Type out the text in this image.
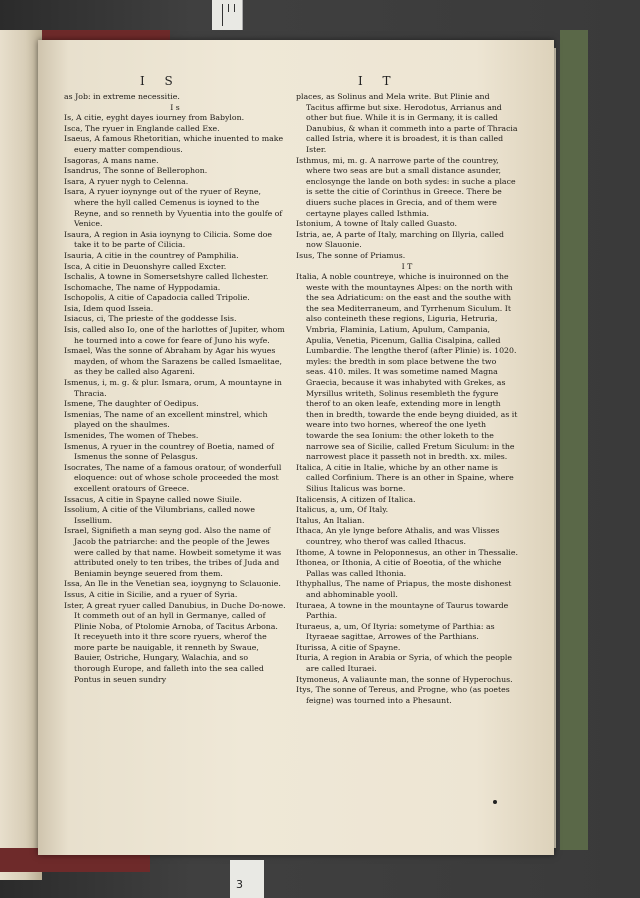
I S	I T

as Job: in extreme necessitie.

I s

Is, A citie, eyght dayes iourney from Babylon.

Isca, The ryuer in Englande called Exe.

Isaeus, A famous Rhetoritian, whiche inuented to make euery matter compendious.

Isagoras, A mans name.

Isandrus, The sonne of Bellerophon.

Isara, A ryuer nygh to Celenna.

Isara, A ryuer ioynynge out of the ryuer of Reyne, where the hyll called Cemenus is ioyned to the Reyne, and so renneth by Vyuentia into the goulfe of Venice.

Isaura, A region in Asia ioynyng to Cilicia. Some doe take it to be parte of Cilicia.

Isauria, A citie in the countrey of Pamphilia.

Isca, A citie in Deuonshyre called Excter.

Ischalis, A towne in Somersetshyre called Ilchester.

Ischomache, The name of Hyppodamia.

Ischopolis, A citie of Capadocia called Tripolie.

Isia, Idem quod Isseia.

Isiacus, ci, The prieste of the goddesse Isis.

Isis, called also Io, one of the harlottes of Jupiter, whom he tourned into a cowe for feare of Juno his wyfe.

Ismael, Was the sonne of Abraham by Agar his wyues mayden, of whom the Sarazens be called Ismaelitae, as they be called also Agareni.

Ismenus, i, m. g. & plur. Ismara, orum, A mountayne in Thracia.

Ismene, The daughter of Oedipus.

Ismenias, The name of an excellent minstrel, which played on the shaulmes.

Ismenides, The women of Thebes.

Ismenus, A ryuer in the countrey of Boetia, named of Ismenus the sonne of Pelasgus.

Isocrates, The name of a famous oratour, of wonderfull eloquence: out of whose schole proceeded the most excellent oratours of Greece.

Issacus, A citie in Spayne called nowe Siuile.

Issolium, A citie of the Vilumbrians, called nowe Issellium.

Israel, Signifieth a man seyng god. Also the name of Jacob the patriarche: and the people of the Jewes were called by that name. Howbeit sometyme it was attributed onely to ten tribes, the tribes of Juda and Beniamin beynge seuered from them.

Issa, An Ile in the Venetian sea, ioygnyng to Sclauonie.

Issus, A citie in Sicilie, and a ryuer of Syria.

Ister, A great ryuer called Danubius, in Duche Do-nowe. It commeth out of an hyll in Germanye, called of Plinie Noba, of Ptolomie Arnoba, of Tacitus Arbona. It receyueth into it thre score ryuers, wherof the more parte be nauigable, it renneth by Swaue, Bauier, Ostriche, Hungary, Walachia, and so thorough Europe, and falleth into the sea called Pontus in seuen sundry

places, as Solinus and Mela write. But Plinie and Tacitus affirme but sixe. Herodotus, Arrianus and other but fiue. While it is in Germany, it is called Danubius, & whan it commeth into a parte of Thracia called Istria, where it is broadest, it is than called Ister.

Isthmus, mi, m. g. A narrowe parte of the countrey, where two seas are but a small distance asunder, enclosynge the lande on both sydes: in suche a place is sette the citie of Corinthus in Greece. There be diuers suche places in Grecia, and of them were certayne playes called Isthmia.

Istonium, A towne of Italy called Guasto.

Istria, ae, A parte of Italy, marching on Illyria, called now Slauonie.

Isus, The sonne of Priamus.

I T

Italia, A noble countreye, whiche is inuironned on the weste with the mountaynes Alpes: on the north with the sea Adriaticum: on the east and the southe with the sea Mediterraneum, and Tyrrhenum Siculum. It also conteineth these regions, Liguria, Hetruria, Vmbria, Flaminia, Latium, Apulum, Campania, Apulia, Venetia, Picenum, Gallia Cisalpina, called Lumbardie. The lengthe therof (after Plinie) is. 1020. myles: the bredth in som place betwene the two seas. 410. miles. It was sometime named Magna Graecia, because it was inhabyted with Grekes, as Myrsillus writeth, Solinus resembleth the fygure therof to an oken leafe, extending more in length then in bredth, towarde the ende beyng diuided, as it weare into two hornes, whereof the one lyeth towarde the sea Ionium: the other loketh to the narrowe sea of Sicilie, called Fretum Siculum: in the narrowest place it passeth not in bredth. xx. miles.

Italica, A citie in Italie, whiche by an other name is called Corfinium. There is an other in Spaine, where Silius Italicus was borne.

Italicensis, A citizen of Italica.

Italicus, a, um, Of Italy.

Italus, An Italian.

Ithaca, An yle lynge before Athalis, and was Vlisses countrey, who therof was called Ithacus.

Ithome, A towne in Peloponnesus, an other in Thessalie.

Ithonea, or Ithonia, A citie of Boeotia, of the whiche Pallas was called Ithonia.

Ithyphallus, The name of Priapus, the moste dishonest and abhominable yooll.

Ituraea, A towne in the mountayne of Taurus towarde Parthia.

Ituraeus, a, um, Of Ityria: sometyme of Parthia: as Ityraeae sagittae, Arrowes of the Parthians.

Iturissa, A citie of Spayne.

Ituria, A region in Arabia or Syria, of which the people are called Ituraei.

Itymoneus, A valiaunte man, the sonne of Hyperochus.

Itys, The sonne of Tereus, and Progne, who (as poetes feigne) was tourned into a Phesaunt.

3
